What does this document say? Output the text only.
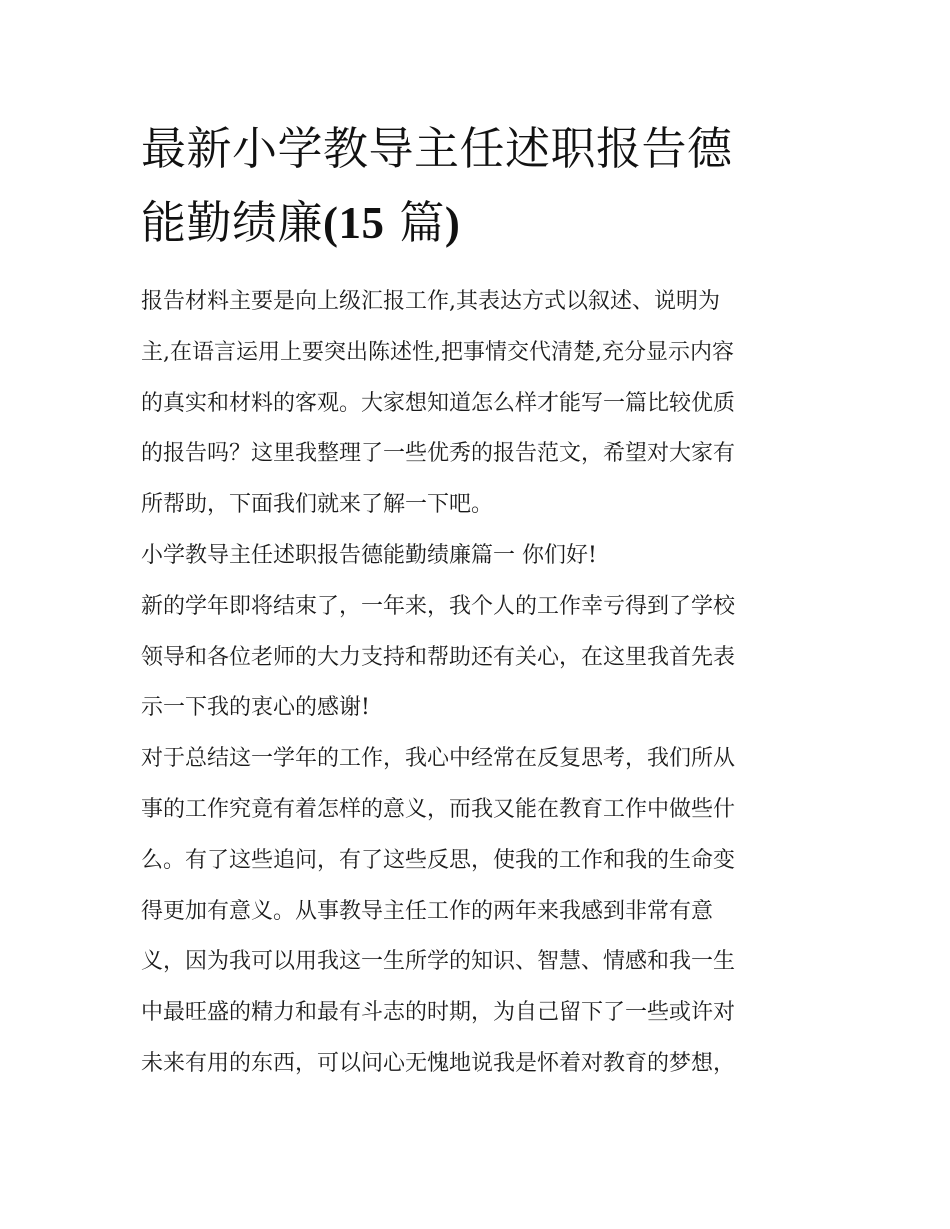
最新小学教导主任述职报告德
能勤绩廉(15 篇)
报告材料主要是向上级汇报工作,其表达方式以叙述、说明为
主,在语言运用上要突出陈述性,把事情交代清楚,充分显示内容
的真实和材料的客观。大家想知道怎么样才能写一篇比较优质
的报告吗？这里我整理了一些优秀的报告范文，希望对大家有
所帮助，下面我们就来了解一下吧。
小学教导主任述职报告德能勤绩廉篇一 你们好!
新的学年即将结束了，一年来，我个人的工作幸亏得到了学校
领导和各位老师的大力支持和帮助还有关心，在这里我首先表
示一下我的衷心的感谢!
对于总结这一学年的工作，我心中经常在反复思考，我们所从
事的工作究竟有着怎样的意义，而我又能在教育工作中做些什
么。有了这些追问，有了这些反思，使我的工作和我的生命变
得更加有意义。从事教导主任工作的两年来我感到非常有意
义，因为我可以用我这一生所学的知识、智慧、情感和我一生
中最旺盛的精力和最有斗志的时期，为自己留下了一些或许对
未来有用的东西，可以问心无愧地说我是怀着对教育的梦想，
